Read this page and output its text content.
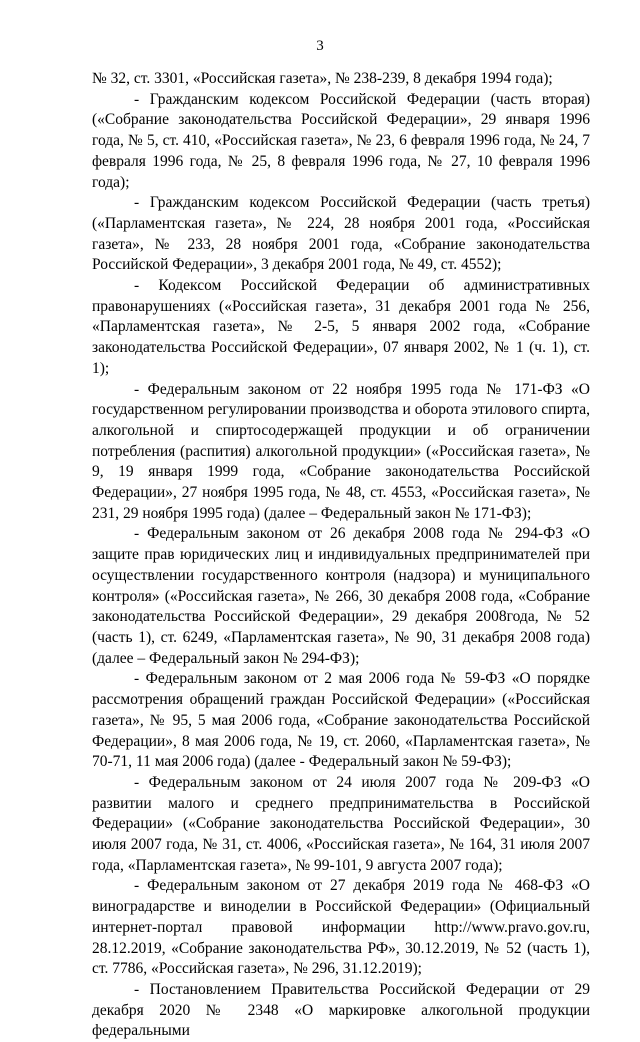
3

№ 32, ст. 3301, «Российская газета», № 238-239, 8 декабря 1994 года);

- Гражданским кодексом Российской Федерации (часть вторая) («Собрание законодательства Российской Федерации», 29 января 1996 года, № 5, ст. 410, «Российская газета», № 23, 6 февраля 1996 года, № 24, 7 февраля 1996 года, № 25, 8 февраля 1996 года, № 27, 10 февраля 1996 года);

- Гражданским кодексом Российской Федерации (часть третья) («Парламентская газета», № 224, 28 ноября 2001 года, «Российская газета», № 233, 28 ноября 2001 года, «Собрание законодательства Российской Федерации», 3 декабря 2001 года, № 49, ст. 4552);

- Кодексом Российской Федерации об административных правонарушениях («Российская газета», 31 декабря 2001 года № 256, «Парламентская газета», № 2-5, 5 января 2002 года, «Собрание законодательства Российской Федерации», 07 января 2002, № 1 (ч. 1), ст. 1);

- Федеральным законом от 22 ноября 1995 года № 171-ФЗ «О государственном регулировании производства и оборота этилового спирта, алкогольной и спиртосодержащей продукции и об ограничении потребления (распития) алкогольной продукции» («Российская газета», № 9, 19 января 1999 года, «Собрание законодательства Российской Федерации», 27 ноября 1995 года, № 48, ст. 4553, «Российская газета», № 231, 29 ноября 1995 года) (далее – Федеральный закон № 171-ФЗ);

- Федеральным законом от 26 декабря 2008 года № 294-ФЗ «О защите прав юридических лиц и индивидуальных предпринимателей при осуществлении государственного контроля (надзора) и муниципального контроля» («Российская газета», № 266, 30 декабря 2008 года, «Собрание законодательства Российской Федерации», 29 декабря 2008года, № 52 (часть 1), ст. 6249, «Парламентская газета», № 90, 31 декабря 2008 года) (далее – Федеральный закон № 294-ФЗ);

- Федеральным законом от 2 мая 2006 года № 59-ФЗ «О порядке рассмотрения обращений граждан Российской Федерации» («Российская газета», № 95, 5 мая 2006 года, «Собрание законодательства Российской Федерации», 8 мая 2006 года, № 19, ст. 2060, «Парламентская газета», № 70-71, 11 мая 2006 года) (далее - Федеральный закон № 59-ФЗ);

- Федеральным законом от 24 июля 2007 года № 209-ФЗ «О развитии малого и среднего предпринимательства в Российской Федерации» («Собрание законодательства Российской Федерации», 30 июля 2007 года, № 31, ст. 4006, «Российская газета», № 164, 31 июля 2007 года, «Парламентская газета», № 99-101, 9 августа 2007 года);

- Федеральным законом от 27 декабря 2019 года № 468-ФЗ «О виноградарстве и виноделии в Российской Федерации» (Официальный интернет-портал правовой информации http://www.pravo.gov.ru, 28.12.2019, «Собрание законодательства РФ», 30.12.2019, № 52 (часть 1), ст. 7786, «Российская газета», № 296, 31.12.2019);

- Постановлением Правительства Российской Федерации от 29 декабря 2020 № 2348 «О маркировке алкогольной продукции федеральными
